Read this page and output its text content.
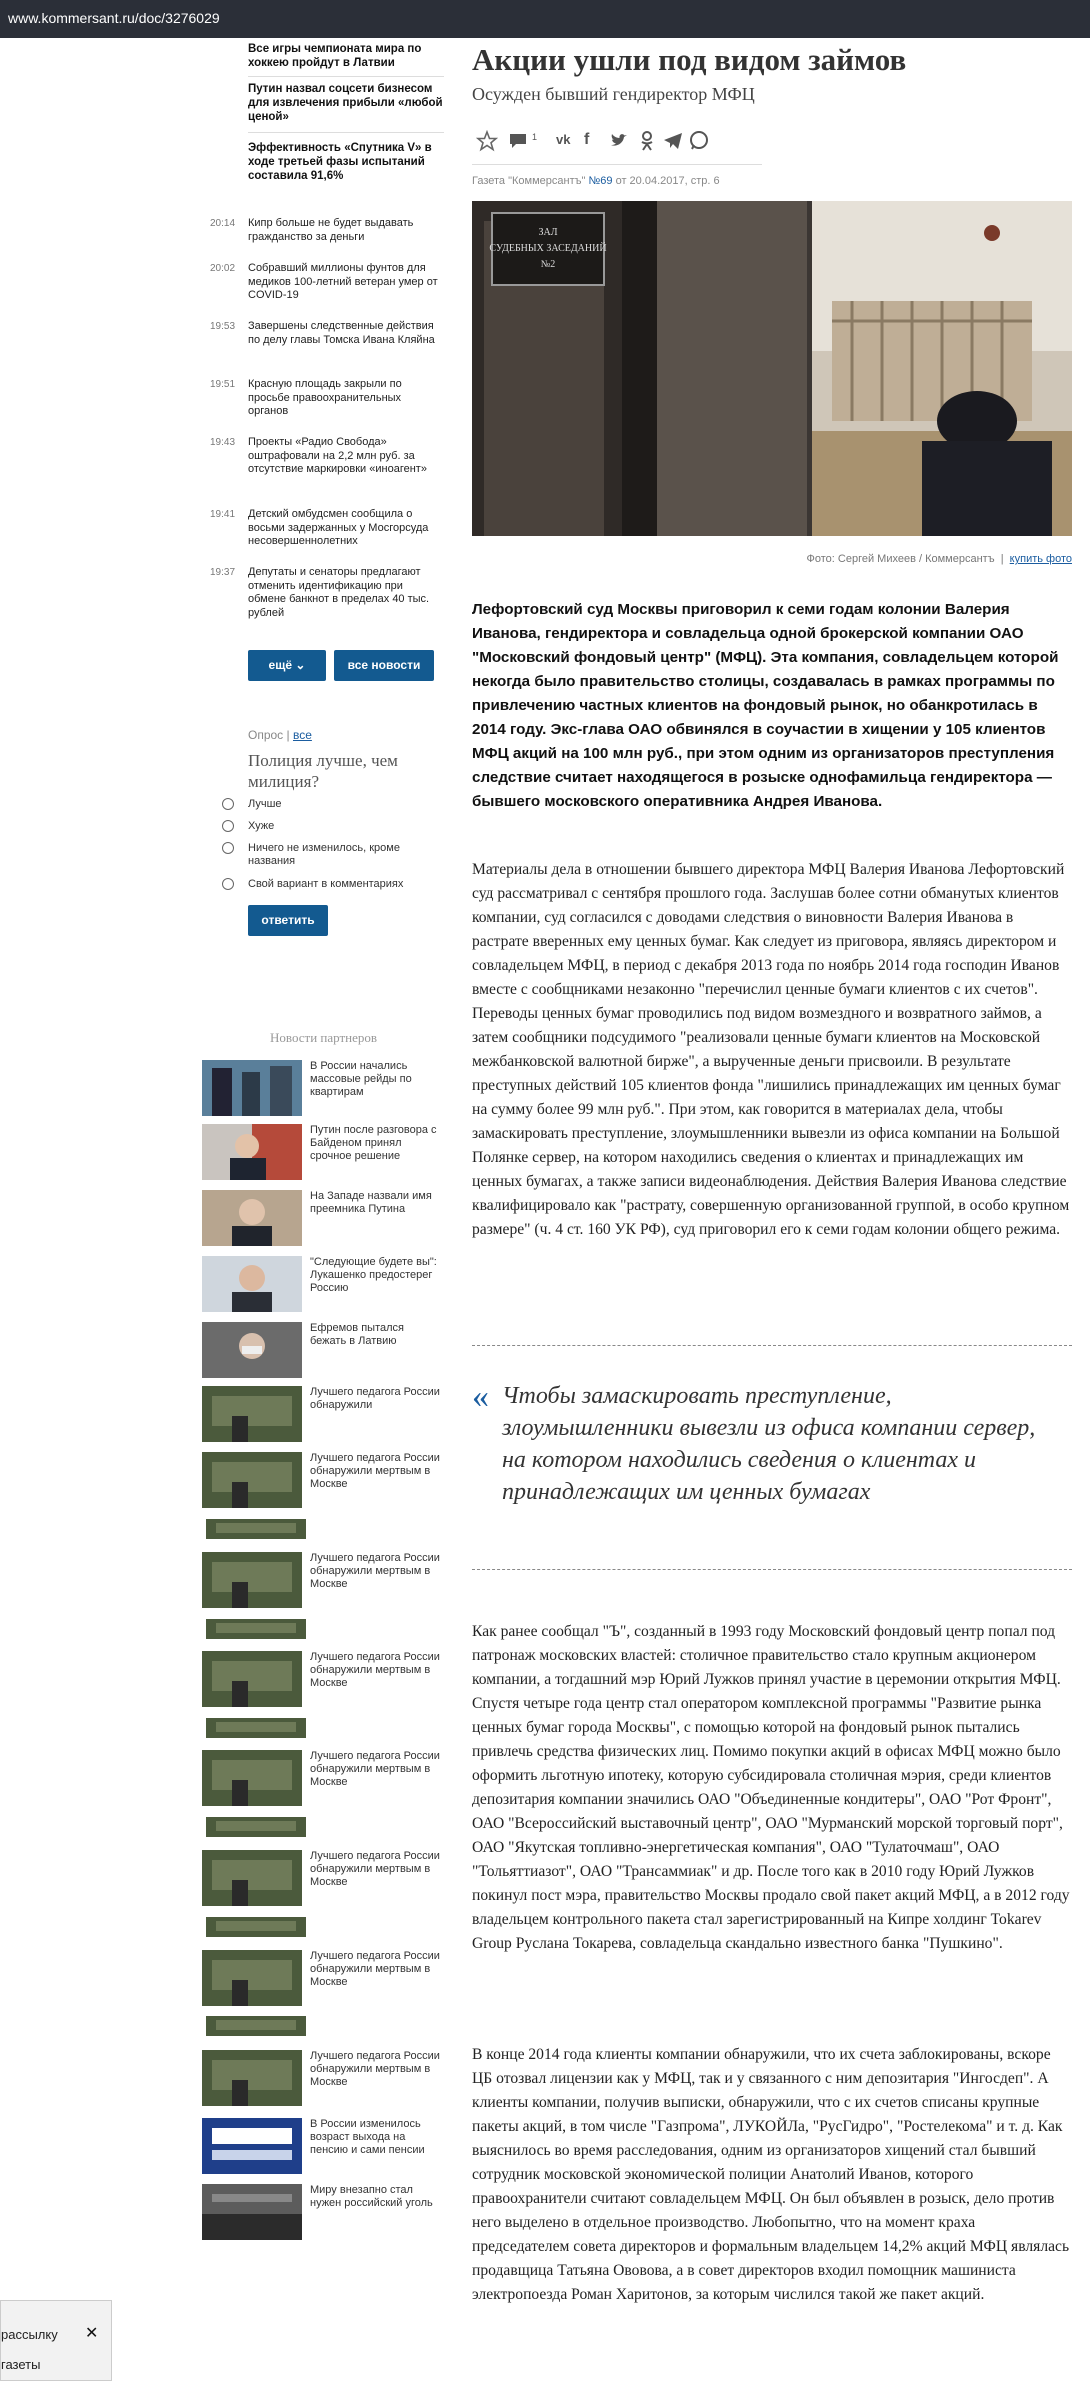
www.kommersant.ru/doc/3276029
Все игры чемпионата мира по хоккею пройдут в Латвии
Путин назвал соцсети бизнесом для извлечения прибыли «любой ценой»
Эффективность «Спутника V» в ходе третьей фазы испытаний составила 91,6%
20:14 Кипр больше не будет выдавать гражданство за деньги
20:02 Собравший миллионы фунтов для медиков 100-летний ветеран умер от COVID-19
19:53 Завершены следственные действия по делу главы Томска Ивана Кляйна
19:51 Красную площадь закрыли по просьбе правоохранительных органов
19:43 Проекты «Радио Свобода» оштрафовали на 2,2 млн руб. за отсутствие маркировки «иноагент»
19:41 Детский омбудсмен сообщила о восьми задержанных у Мосгорсуда несовершеннолетних
19:37 Депутаты и сенаторы предлагают отменить идентификацию при обмене банкнот в пределах 40 тыс. рублей
ещё ⌄	все новости
Опрос | все
Полиция лучше, чем милиция?
Лучше
Хуже
Ничего не изменилось, кроме названия
Свой вариант в комментариях
ответить
Новости партнеров
В России начались массовые рейды по квартирам
Путин после разговора с Байденом принял срочное решение
На Западе назвали имя преемника Путина
"Следующие будете вы": Лукашенко предостерег Россию
Ефремов пытался бежать в Латвию
Лучшего педагога России обнаружили
Лучшего педагога России обнаружили мертвым в Москве
Лучшего педагога России обнаружили мертвым в Москве
Лучшего педагога России обнаружили мертвым в Москве
Лучшего педагога России обнаружили мертвым в Москве
Лучшего педагога России обнаружили мертвым в Москве
Лучшего педагога России обнаружили мертвым в Москве
Лучшего педагога России обнаружили мертвым в Москве
В России изменилось возраст выхода на пенсию и сами пенсии
Миру внезапно стал нужен российский уголь
Акции ушли под видом займов
Осужден бывший гендиректор МФЦ
1 vk f
Газета "Коммерсантъ" №69 от 20.04.2017, стр. 6
ЗАЛ
СУДЕБНЫХ ЗАСЕДАНИЙ
№2
Фото: Сергей Михеев / Коммерсантъ  |  купить фото
Лефортовский суд Москвы приговорил к семи годам колонии Валерия Иванова, гендиректора и совладельца одной брокерской компании ОАО "Московский фондовый центр" (МФЦ). Эта компания, совладельцем которой некогда было правительство столицы, создавалась в рамках программы по привлечению частных клиентов на фондовый рынок, но обанкротилась в 2014 году. Экс-глава ОАО обвинялся в соучастии в хищении у 105 клиентов МФЦ акций на 100 млн руб., при этом одним из организаторов преступления следствие считает находящегося в розыске однофамильца гендиректора — бывшего московского оперативника Андрея Иванова.
Материалы дела в отношении бывшего директора МФЦ Валерия Иванова Лефортовский суд рассматривал с сентября прошлого года. Заслушав более сотни обманутых клиентов компании, суд согласился с доводами следствия о виновности Валерия Иванова в растрате вверенных ему ценных бумаг. Как следует из приговора, являясь директором и совладельцем МФЦ, в период с декабря 2013 года по ноябрь 2014 года господин Иванов вместе с сообщниками незаконно "перечислил ценные бумаги клиентов с их счетов". Переводы ценных бумаг проводились под видом возмездного и возвратного займов, а затем сообщники подсудимого "реализовали ценные бумаги клиентов на Московской межбанковской валютной бирже", а вырученные деньги присвоили. В результате преступных действий 105 клиентов фонда "лишились принадлежащих им ценных бумаг на сумму более 99 млн руб.". При этом, как говорится в материалах дела, чтобы замаскировать преступление, злоумышленники вывезли из офиса компании на Большой Полянке сервер, на котором находились сведения о клиентах и принадлежащих им ценных бумагах, а также записи видеонаблюдения. Действия Валерия Иванова следствие квалифицировало как "растрату, совершенную организованной группой, в особо крупном размере" (ч. 4 ст. 160 УК РФ), суд приговорил его к семи годам колонии общего режима.
« Чтобы замаскировать преступление, злоумышленники вывезли из офиса компании сервер, на котором находились сведения о клиентах и принадлежащих им ценных бумагах
Как ранее сообщал "Ъ", созданный в 1993 году Московский фондовый центр попал под патронаж московских властей: столичное правительство стало крупным акционером компании, а тогдашний мэр Юрий Лужков принял участие в церемонии открытия МФЦ. Спустя четыре года центр стал оператором комплексной программы "Развитие рынка ценных бумаг города Москвы", с помощью которой на фондовый рынок пытались привлечь средства физических лиц. Помимо покупки акций в офисах МФЦ можно было оформить льготную ипотеку, которую субсидировала столичная мэрия, среди клиентов депозитария компании значились ОАО "Объединенные кондитеры", ОАО "Рот Фронт", ОАО "Всероссийский выставочный центр", ОАО "Мурманский морской торговый порт", ОАО "Якутская топливно-энергетическая компания", ОАО "Тулаточмаш", ОАО "Тольяттиазот", ОАО "Трансаммиак" и др. После того как в 2010 году Юрий Лужков покинул пост мэра, правительство Москвы продало свой пакет акций МФЦ, а в 2012 году владельцем контрольного пакета стал зарегистрированный на Кипре холдинг Tokarev Group Руслана Токарева, совладельца скандально известного банка "Пушкино".
В конце 2014 года клиенты компании обнаружили, что их счета заблокированы, вскоре ЦБ отозвал лицензии как у МФЦ, так и у связанного с ним депозитария "Ингосдеп". А клиенты компании, получив выписки, обнаружили, что с их счетов списаны крупные пакеты акций, в том числе "Газпрома", ЛУКОЙЛа, "РусГидро", "Ростелекома" и т. д. Как выяснилось во время расследования, одним из организаторов хищений стал бывший сотрудник московской экономической полиции Анатолий Иванов, которого правоохранители считают совладельцем МФЦ. Он был объявлен в розыск, дело против него выделено в отдельное производство. Любопытно, что на момент краха председателем совета директоров и формальным владельцем 14,2% акций МФЦ являлась продавщица Татьяна Ововова, а в совет директоров входил помощник машиниста электропоезда Роман Харитонов, за которым числился такой же пакет акций.
рассылку ✕
газеты
